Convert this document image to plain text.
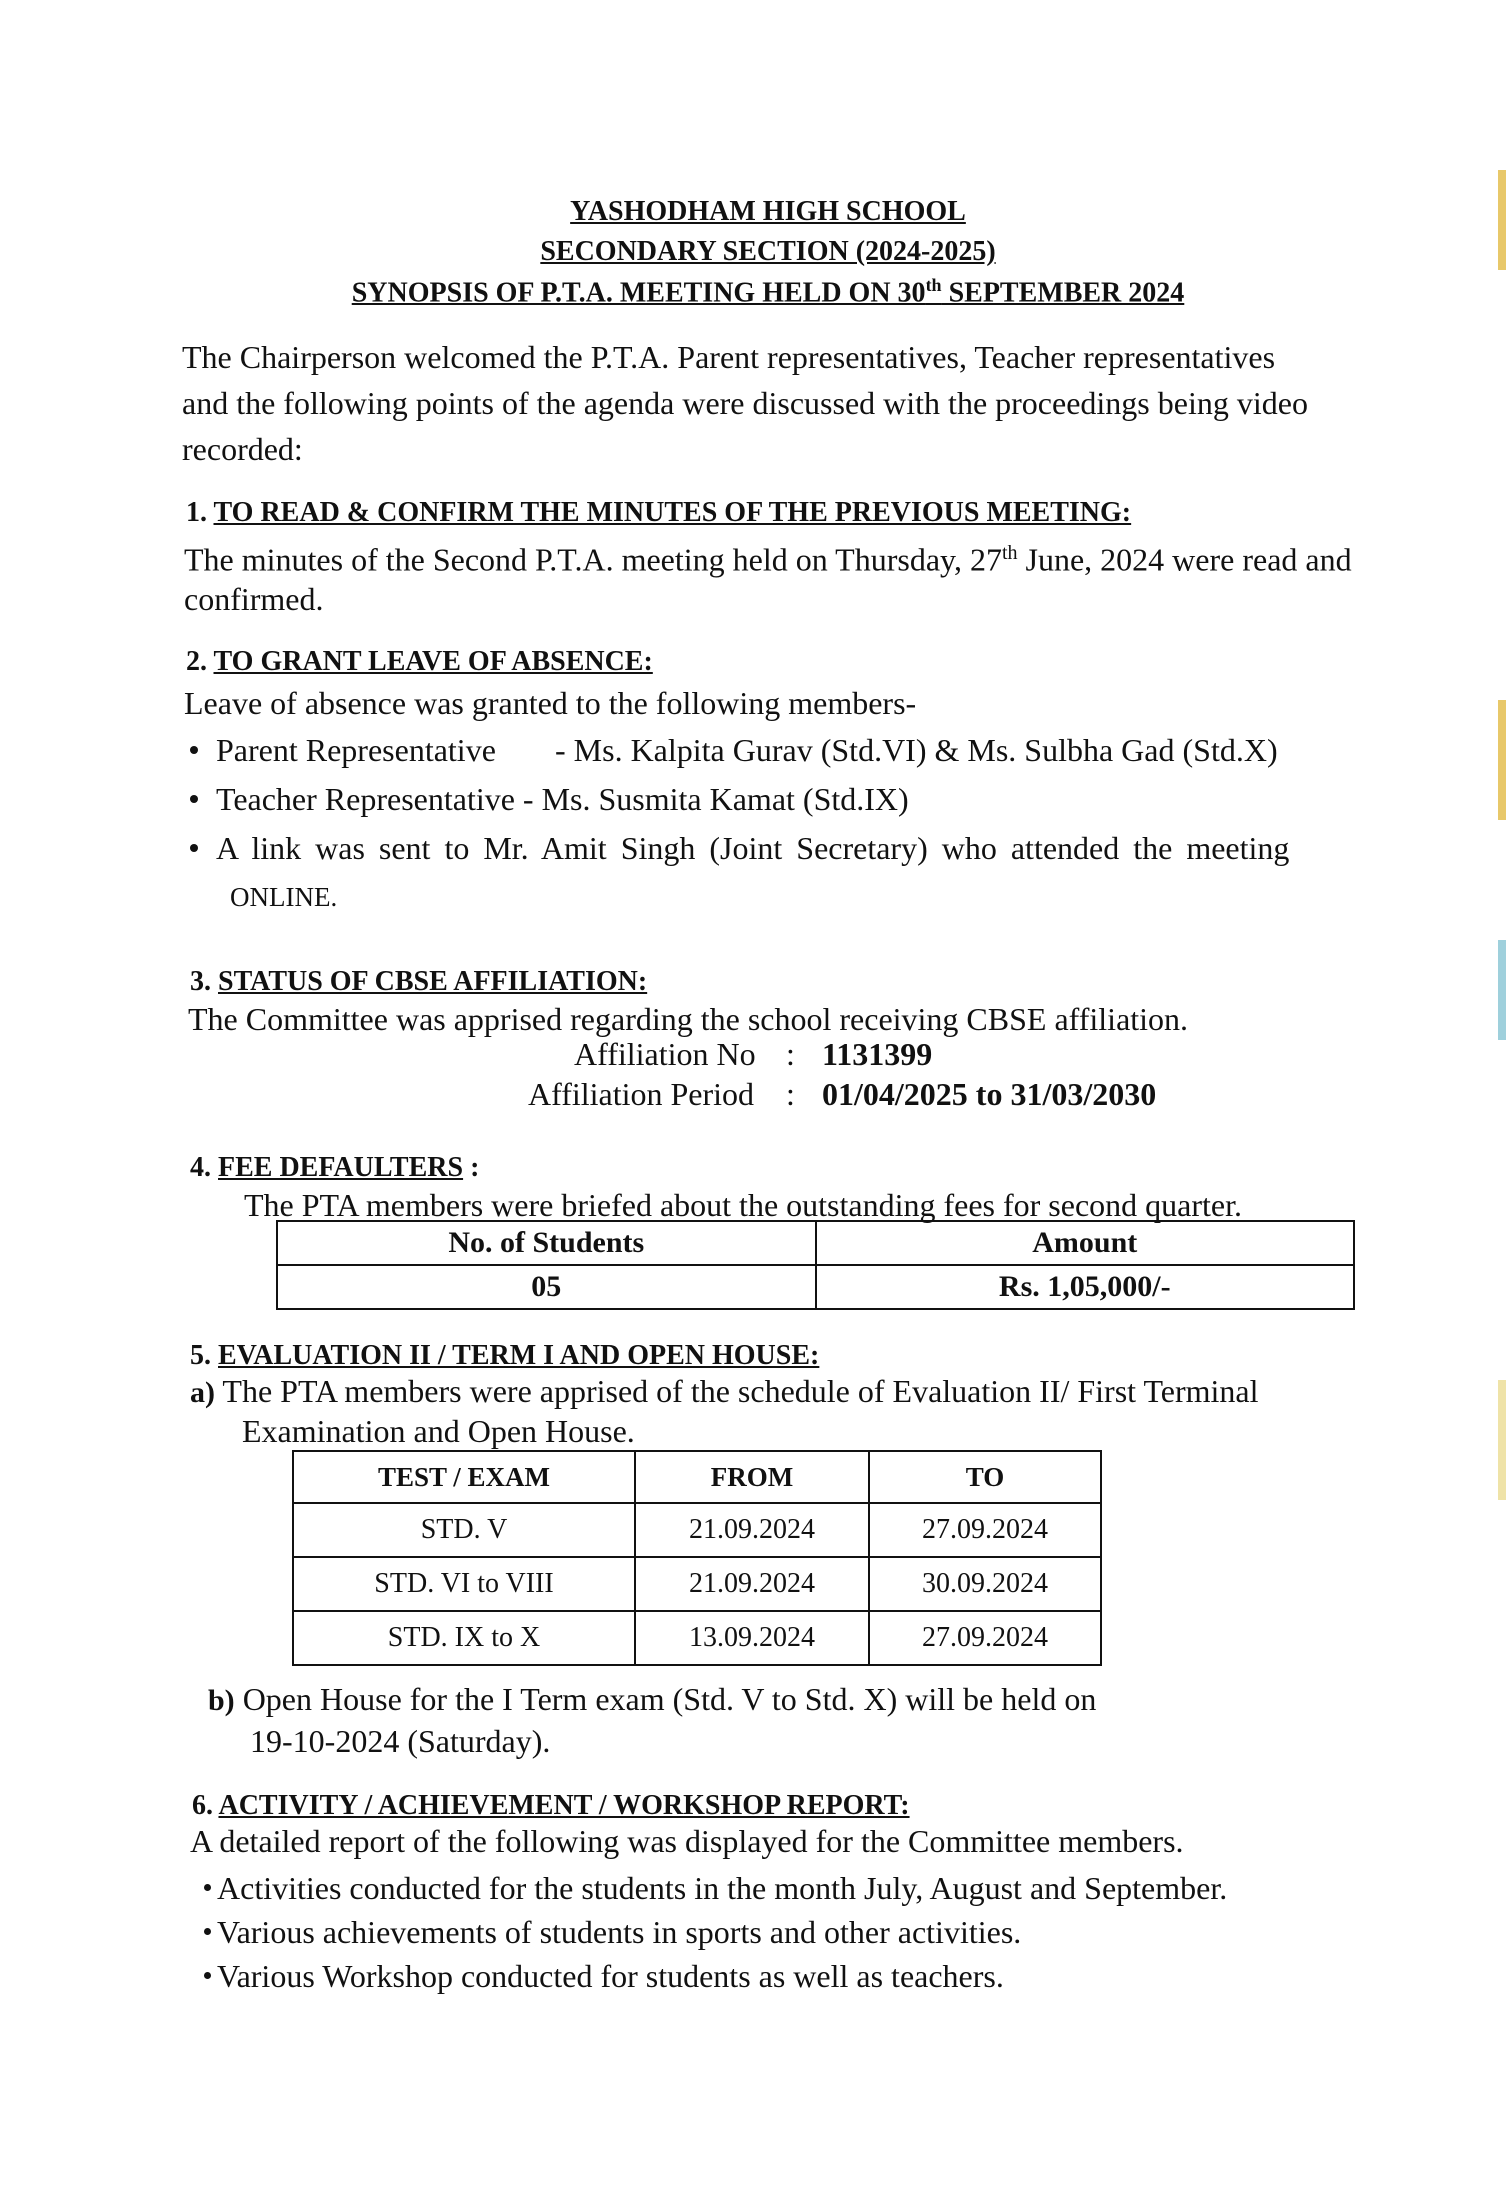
YASHODHAM HIGH SCHOOL
SECONDARY SECTION (2024-2025)
SYNOPSIS OF P.T.A. MEETING HELD ON 30th SEPTEMBER 2024
The Chairperson welcomed the P.T.A. Parent representatives, Teacher representatives
and the following points of the agenda were discussed with the proceedings being video
recorded:
1. TO READ & CONFIRM THE MINUTES OF THE PREVIOUS MEETING:
The minutes of the Second P.T.A. meeting held on Thursday, 27th June, 2024 were read and
confirmed.
2. TO GRANT LEAVE OF ABSENCE:
Leave of absence was granted to the following members-
Parent Representative - Ms. Kalpita Gurav (Std.VI) & Ms. Sulbha Gad (Std.X)
Teacher Representative - Ms. Susmita Kamat (Std.IX)
A link was sent to Mr. Amit Singh (Joint Secretary) who attended the meeting
ONLINE.
3. STATUS OF CBSE AFFILIATION:
The Committee was apprised regarding the school receiving CBSE affiliation.
Affiliation No : 1131399
Affiliation Period : 01/04/2025 to 31/03/2030
4. FEE DEFAULTERS :
The PTA members were briefed about the outstanding fees for second quarter.
No. of Students	Amount
05	Rs. 1,05,000/-
5. EVALUATION II / TERM I AND OPEN HOUSE:
a) The PTA members were apprised of the schedule of Evaluation II/ First Terminal
Examination and Open House.
TEST / EXAM	FROM	TO
STD. V	21.09.2024	27.09.2024
STD. VI to VIII	21.09.2024	30.09.2024
STD. IX to X	13.09.2024	27.09.2024
b) Open House for the I Term exam (Std. V to Std. X) will be held on
19-10-2024 (Saturday).
6. ACTIVITY / ACHIEVEMENT / WORKSHOP REPORT:
A detailed report of the following was displayed for the Committee members.
Activities conducted for the students in the month July, August and September.
Various achievements of students in sports and other activities.
Various Workshop conducted for students as well as teachers.
